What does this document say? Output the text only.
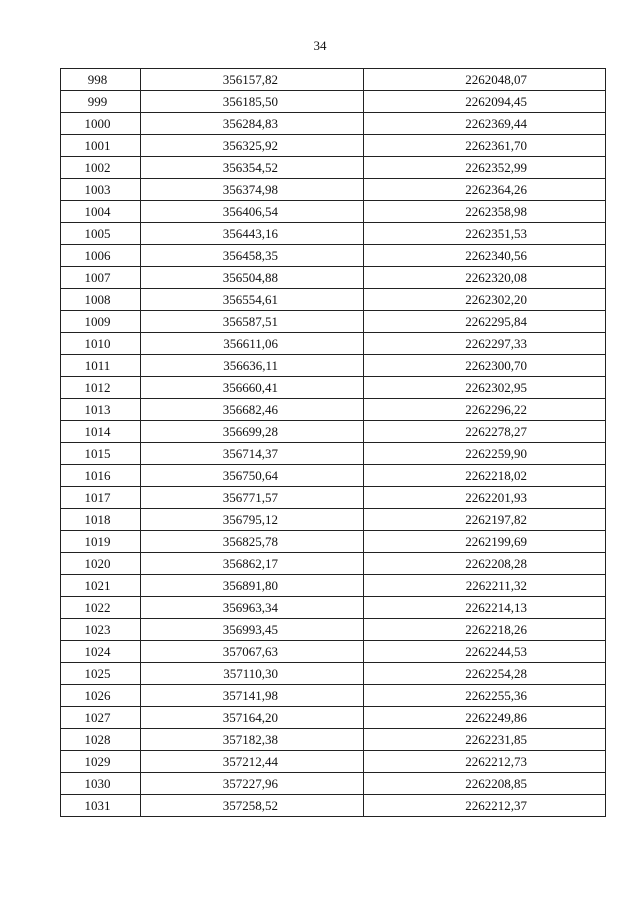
34
998	356157,82	2262048,07
999	356185,50	2262094,45
1000	356284,83	2262369,44
1001	356325,92	2262361,70
1002	356354,52	2262352,99
1003	356374,98	2262364,26
1004	356406,54	2262358,98
1005	356443,16	2262351,53
1006	356458,35	2262340,56
1007	356504,88	2262320,08
1008	356554,61	2262302,20
1009	356587,51	2262295,84
1010	356611,06	2262297,33
1011	356636,11	2262300,70
1012	356660,41	2262302,95
1013	356682,46	2262296,22
1014	356699,28	2262278,27
1015	356714,37	2262259,90
1016	356750,64	2262218,02
1017	356771,57	2262201,93
1018	356795,12	2262197,82
1019	356825,78	2262199,69
1020	356862,17	2262208,28
1021	356891,80	2262211,32
1022	356963,34	2262214,13
1023	356993,45	2262218,26
1024	357067,63	2262244,53
1025	357110,30	2262254,28
1026	357141,98	2262255,36
1027	357164,20	2262249,86
1028	357182,38	2262231,85
1029	357212,44	2262212,73
1030	357227,96	2262208,85
1031	357258,52	2262212,37
